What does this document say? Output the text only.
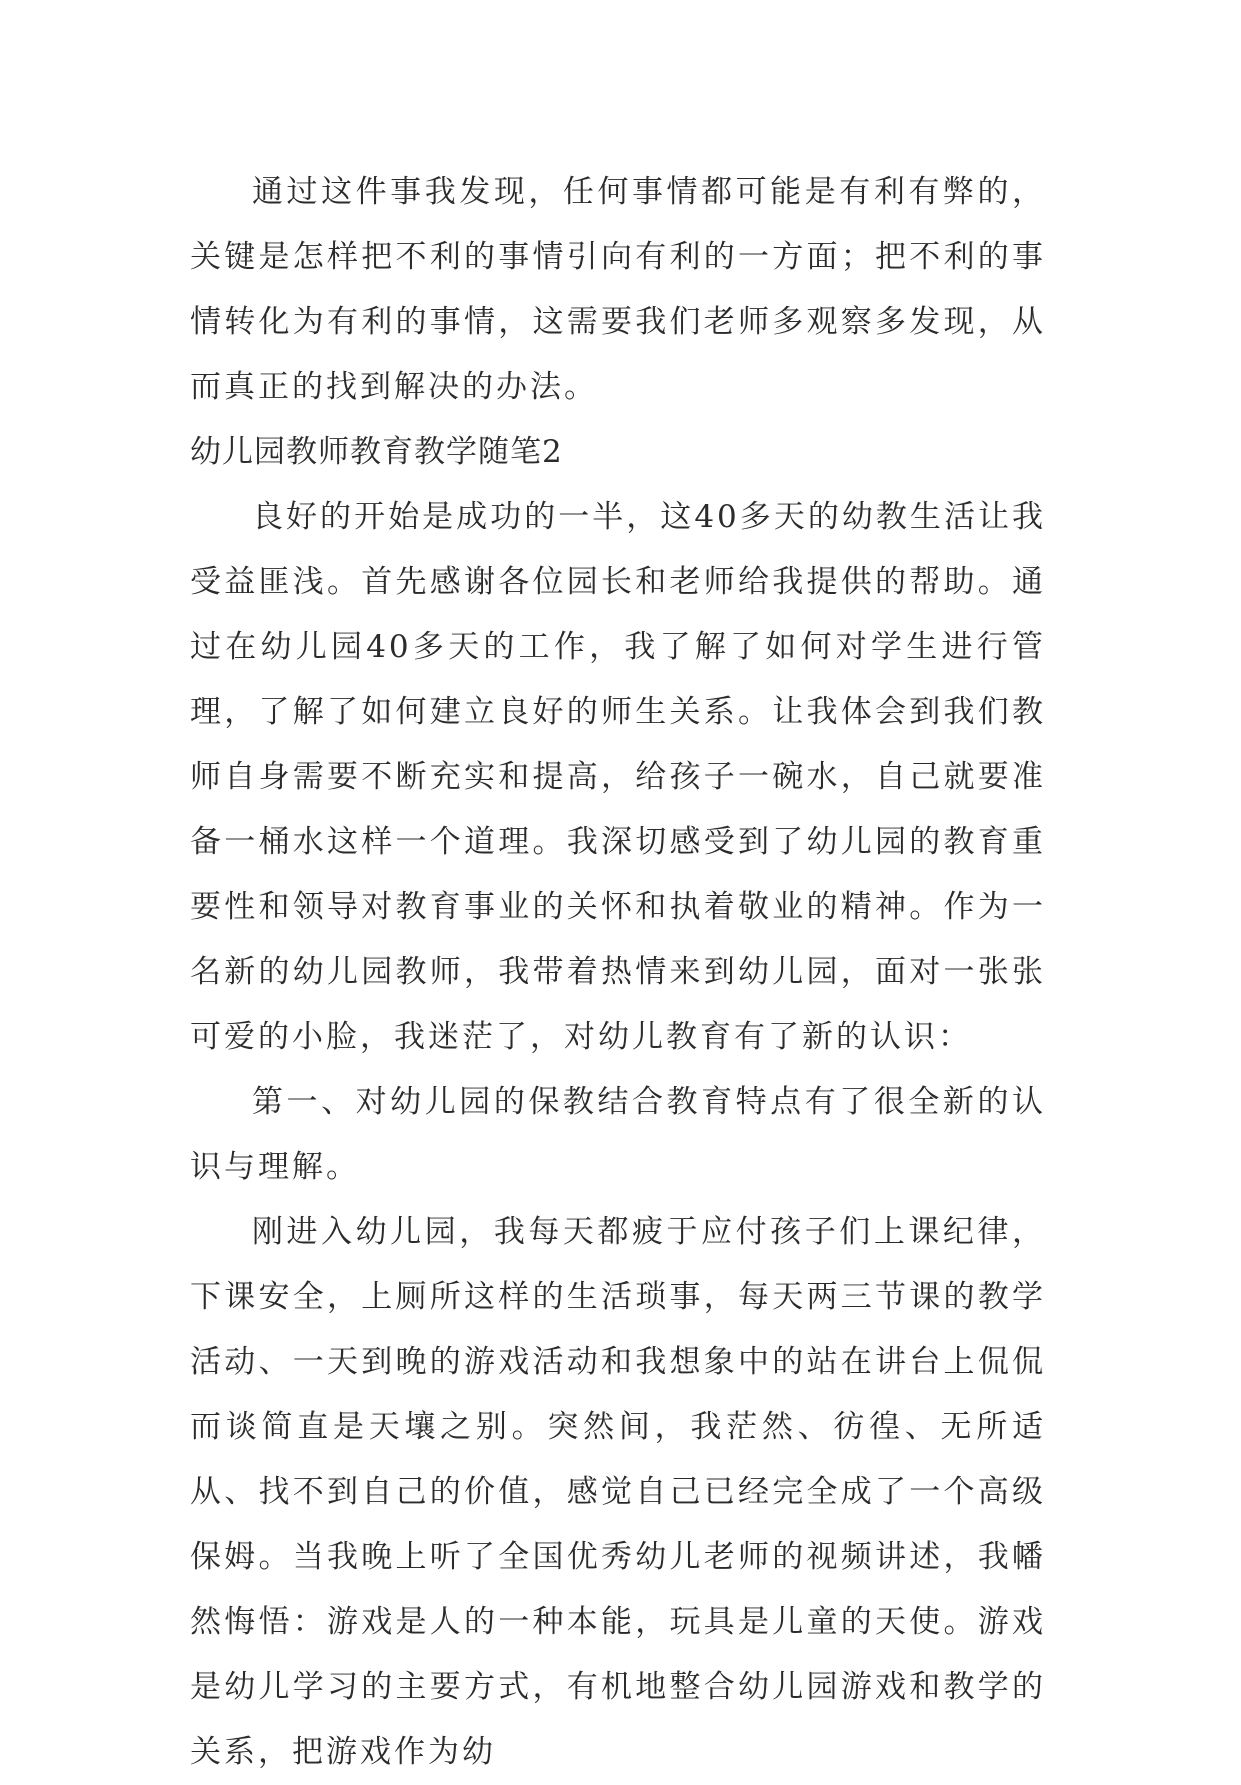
通过这件事我发现，任何事情都可能是有利有弊的，关键是怎样把不利的事情引向有利的一方面；把不利的事情转化为有利的事情，这需要我们老师多观察多发现，从而真正的找到解决的办法。

幼儿园教师教育教学随笔2

良好的开始是成功的一半，这40多天的幼教生活让我受益匪浅。首先感谢各位园长和老师给我提供的帮助。通过在幼儿园40多天的工作，我了解了如何对学生进行管理，了解了如何建立良好的师生关系。让我体会到我们教师自身需要不断充实和提高，给孩子一碗水，自己就要准备一桶水这样一个道理。我深切感受到了幼儿园的教育重要性和领导对教育事业的关怀和执着敬业的精神。作为一名新的幼儿园教师，我带着热情来到幼儿园，面对一张张可爱的小脸，我迷茫了，对幼儿教育有了新的认识：

第一、对幼儿园的保教结合教育特点有了很全新的认识与理解。

刚进入幼儿园，我每天都疲于应付孩子们上课纪律，下课安全，上厕所这样的生活琐事，每天两三节课的教学活动、一天到晚的游戏活动和我想象中的站在讲台上侃侃而谈简直是天壤之别。突然间，我茫然、彷徨、无所适从、找不到自己的价值，感觉自己已经完全成了一个高级保姆。当我晚上听了全国优秀幼儿老师的视频讲述，我幡然悔悟：游戏是人的一种本能，玩具是儿童的天使。游戏是幼儿学习的主要方式，有机地整合幼儿园游戏和教学的关系，把游戏作为幼
